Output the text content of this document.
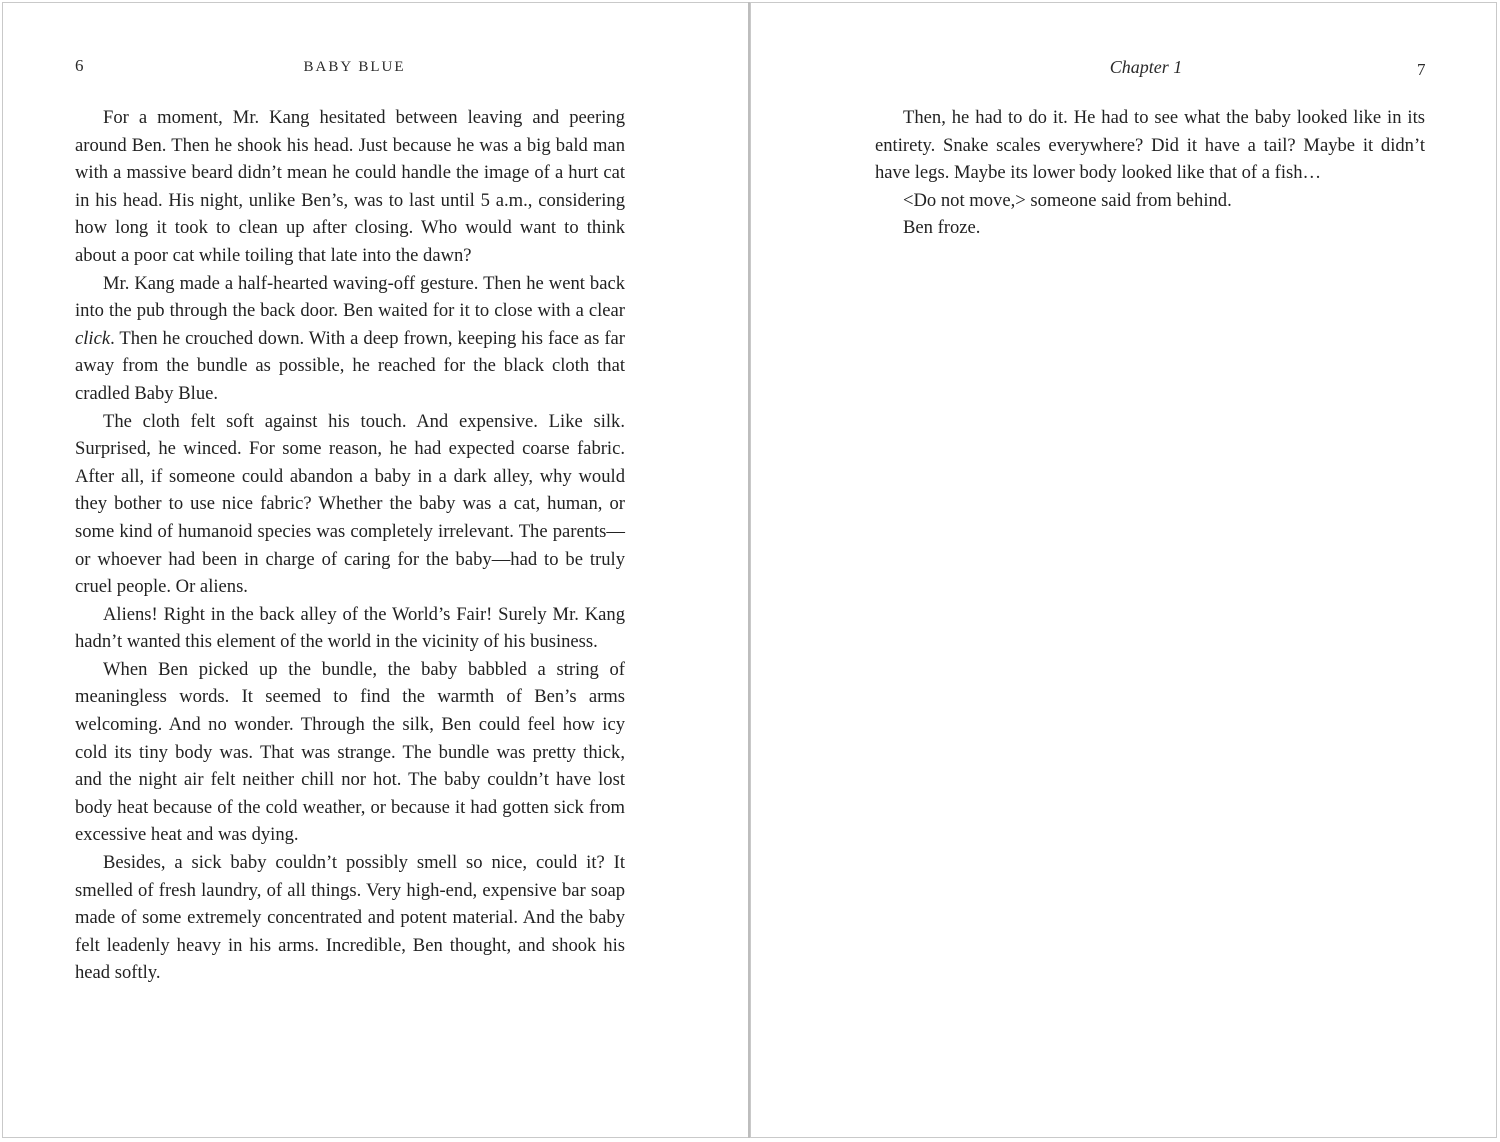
6	BABY BLUE

For a moment, Mr. Kang hesitated between leaving and peering around Ben. Then he shook his head. Just because he was a big bald man with a massive beard didn’t mean he could handle the image of a hurt cat in his head. His night, unlike Ben’s, was to last until 5 a.m., considering how long it took to clean up after closing. Who would want to think about a poor cat while toiling that late into the dawn?

Mr. Kang made a half-hearted waving-off gesture. Then he went back into the pub through the back door. Ben waited for it to close with a clear click. Then he crouched down. With a deep frown, keeping his face as far away from the bundle as possible, he reached for the black cloth that cradled Baby Blue.

The cloth felt soft against his touch. And expensive. Like silk. Surprised, he winced. For some reason, he had expected coarse fabric. After all, if someone could abandon a baby in a dark alley, why would they bother to use nice fabric? Whether the baby was a cat, human, or some kind of humanoid species was completely irrelevant. The parents—or whoever had been in charge of caring for the baby—had to be truly cruel people. Or aliens.

Aliens! Right in the back alley of the World’s Fair! Surely Mr. Kang hadn’t wanted this element of the world in the vicinity of his business.

When Ben picked up the bundle, the baby babbled a string of meaningless words. It seemed to find the warmth of Ben’s arms welcoming. And no wonder. Through the silk, Ben could feel how icy cold its tiny body was. That was strange. The bundle was pretty thick, and the night air felt neither chill nor hot. The baby couldn’t have lost body heat because of the cold weather, or because it had gotten sick from excessive heat and was dying.

Besides, a sick baby couldn’t possibly smell so nice, could it? It smelled of fresh laundry, of all things. Very high-end, expensive bar soap made of some extremely concentrated and potent material. And the baby felt leadenly heavy in his arms. Incredible, Ben thought, and shook his head softly.

Chapter 1	7

Then, he had to do it. He had to see what the baby looked like in its entirety. Snake scales everywhere? Did it have a tail? Maybe it didn’t have legs. Maybe its lower body looked like that of a fish…

<Do not move,> someone said from behind.

Ben froze.
